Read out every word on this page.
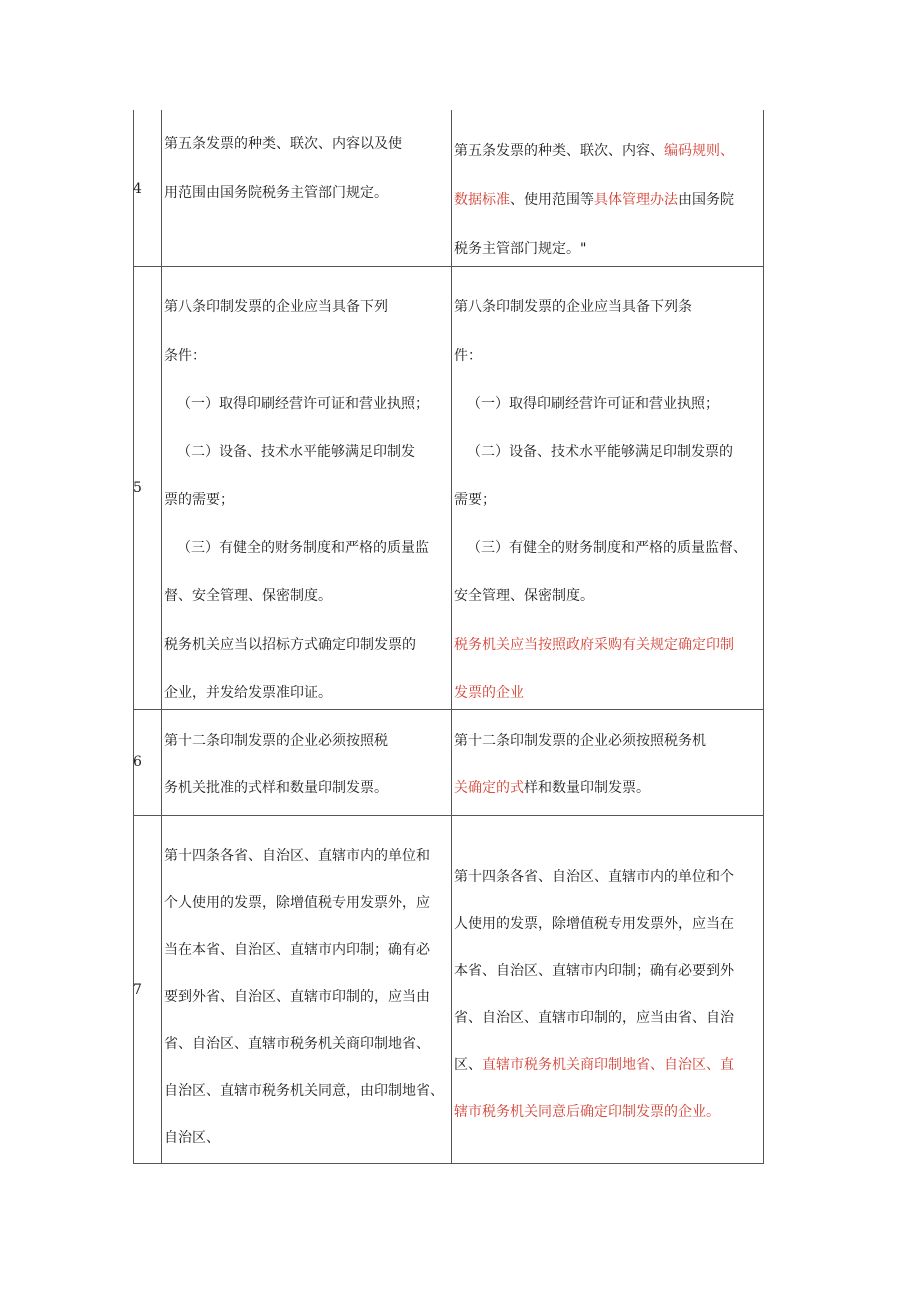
4
第五条发票的种类、联次、内容以及使
用范围由国务院税务主管部门规定。
第五条发票的种类、联次、内容、编码规则、
数据标准、使用范围等具体管理办法由国务院
税务主管部门规定。"
5
第八条印制发票的企业应当具备下列
条件：
（一）取得印刷经营许可证和营业执照；
（二）设备、技术水平能够满足印制发
票的需要；
（三）有健全的财务制度和严格的质量监
督、安全管理、保密制度。
税务机关应当以招标方式确定印制发票的
企业，并发给发票准印证。
第八条印制发票的企业应当具备下列条
件：
（一）取得印刷经营许可证和营业执照；
（二）设备、技术水平能够满足印制发票的
需要；
（三）有健全的财务制度和严格的质量监督、
安全管理、保密制度。
税务机关应当按照政府采购有关规定确定印制
发票的企业
6
第十二条印制发票的企业必须按照税
务机关批准的式样和数量印制发票。
第十二条印制发票的企业必须按照税务机
关确定的式样和数量印制发票。
7
第十四条各省、自治区、直辖市内的单位和
个人使用的发票，除增值税专用发票外，应
当在本省、自治区、直辖市内印制；确有必
要到外省、自治区、直辖市印制的，应当由
省、自治区、直辖市税务机关商印制地省、
自治区、直辖市税务机关同意，由印制地省、
自治区、
第十四条各省、自治区、直辖市内的单位和个
人使用的发票，除增值税专用发票外，应当在
本省、自治区、直辖市内印制；确有必要到外
省、自治区、直辖市印制的，应当由省、自治
区、直辖市税务机关商印制地省、自治区、直
辖市税务机关同意后确定印制发票的企业。
